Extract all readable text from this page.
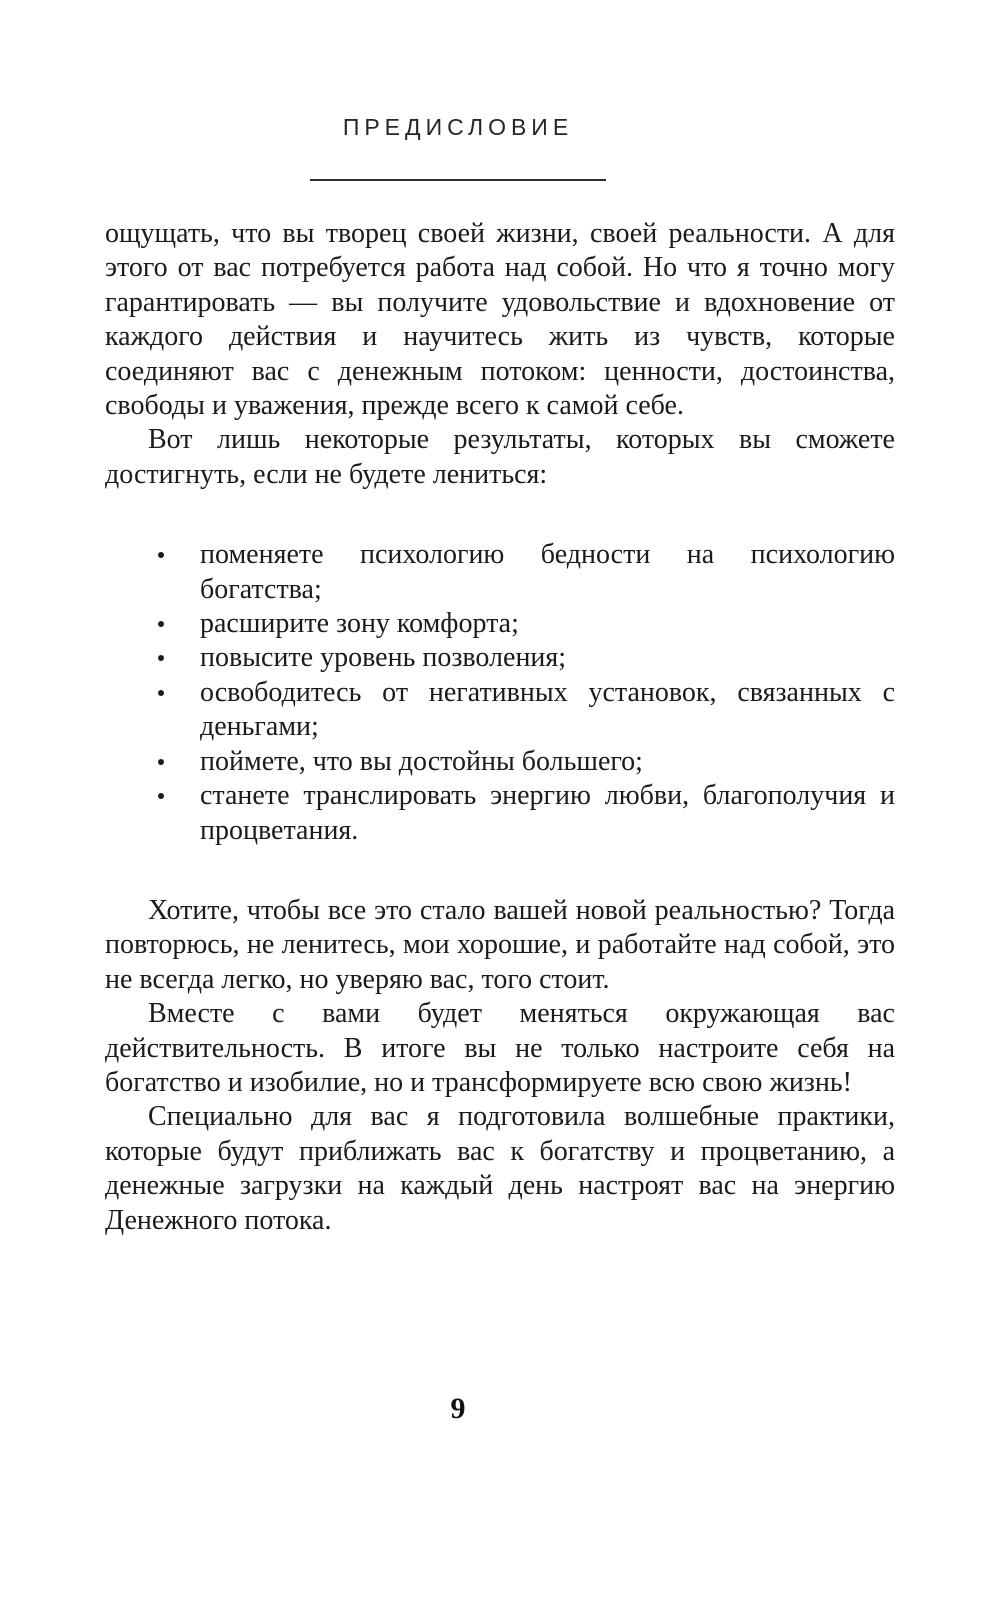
ПРЕДИСЛОВИЕ

ощущать, что вы творец своей жизни, своей реальности. А для этого от вас потребуется работа над собой. Но что я точно могу гарантировать — вы получите удовольствие и вдохновение от каждого действия и научитесь жить из чувств, которые соединяют вас с денежным потоком: ценности, достоинства, свободы и уважения, прежде всего к самой себе.

Вот лишь некоторые результаты, которых вы сможете достигнуть, если не будете лениться:

поменяете психологию бедности на психологию богатства;
расширите зону комфорта;
повысите уровень позволения;
освободитесь от негативных установок, связанных с деньгами;
поймете, что вы достойны большего;
станете транслировать энергию любви, благополучия и процветания.

Хотите, чтобы все это стало вашей новой реальностью? Тогда повторюсь, не ленитесь, мои хорошие, и работайте над собой, это не всегда легко, но уверяю вас, того стоит.

Вместе с вами будет меняться окружающая вас действительность. В итоге вы не только настроите себя на богатство и изобилие, но и трансформируете всю свою жизнь!

Специально для вас я подготовила волшебные практики, которые будут приближать вас к богатству и процветанию, а денежные загрузки на каждый день настроят вас на энергию Денежного потока.

9
